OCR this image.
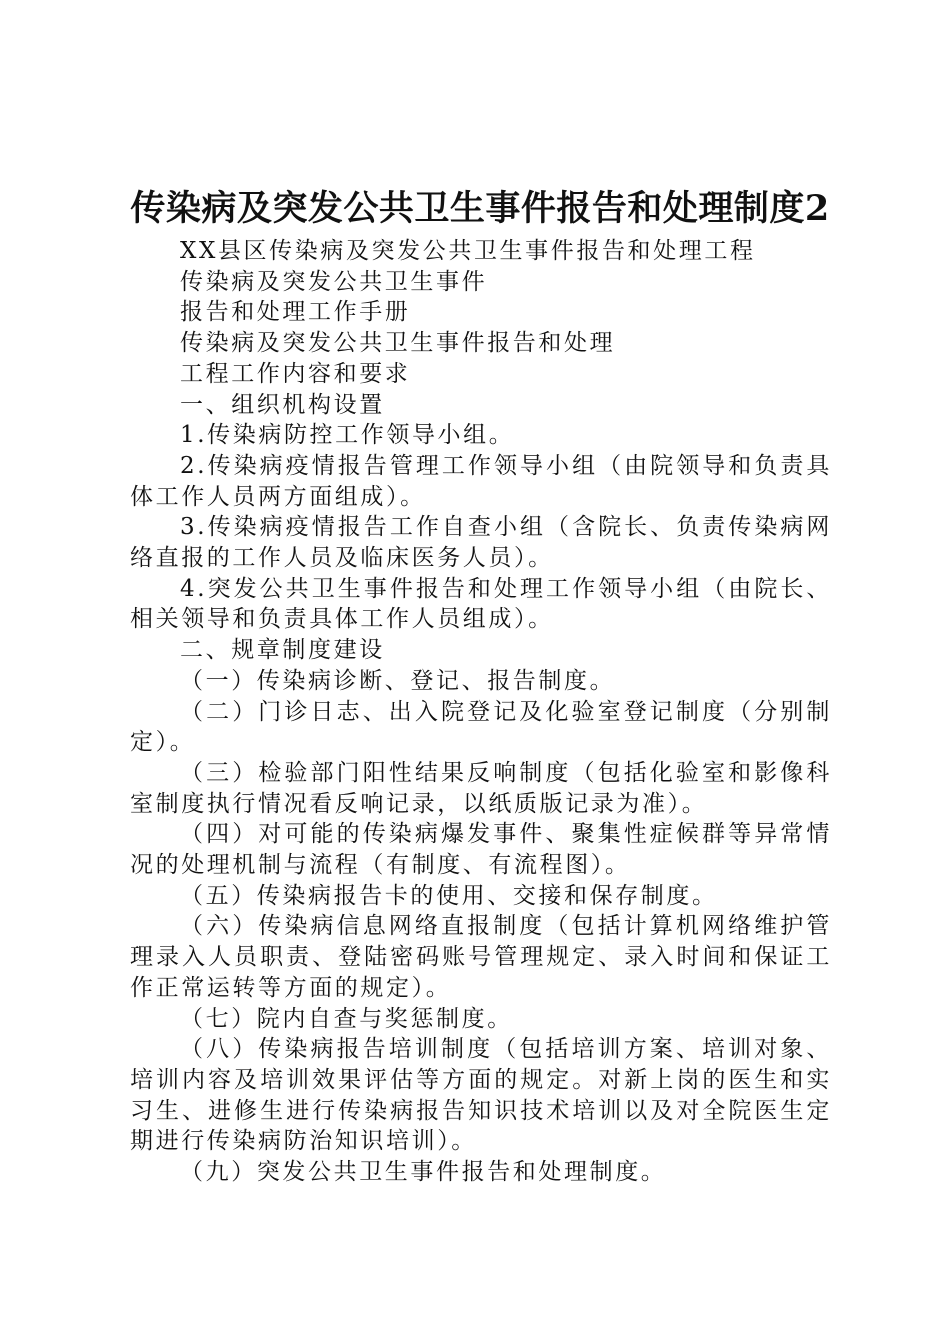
传染病及突发公共卫生事件报告和处理制度2

XX县区传染病及突发公共卫生事件报告和处理工程

传染病及突发公共卫生事件

报告和处理工作手册

传染病及突发公共卫生事件报告和处理

工程工作内容和要求

一、组织机构设置

1.传染病防控工作领导小组。

2.传染病疫情报告管理工作领导小组（由院领导和负责具体工作人员两方面组成）。

3.传染病疫情报告工作自查小组（含院长、负责传染病网络直报的工作人员及临床医务人员）。

4.突发公共卫生事件报告和处理工作领导小组（由院长、相关领导和负责具体工作人员组成）。

二、规章制度建设

（一）传染病诊断、登记、报告制度。

（二）门诊日志、出入院登记及化验室登记制度（分别制定）。

（三）检验部门阳性结果反响制度（包括化验室和影像科室制度执行情况看反响记录，以纸质版记录为准）。

（四）对可能的传染病爆发事件、聚集性症候群等异常情况的处理机制与流程（有制度、有流程图）。

（五）传染病报告卡的使用、交接和保存制度。

（六）传染病信息网络直报制度（包括计算机网络维护管理录入人员职责、登陆密码账号管理规定、录入时间和保证工作正常运转等方面的规定）。

（七）院内自查与奖惩制度。

（八）传染病报告培训制度（包括培训方案、培训对象、培训内容及培训效果评估等方面的规定。对新上岗的医生和实习生、进修生进行传染病报告知识技术培训以及对全院医生定期进行传染病防治知识培训）。

（九）突发公共卫生事件报告和处理制度。
